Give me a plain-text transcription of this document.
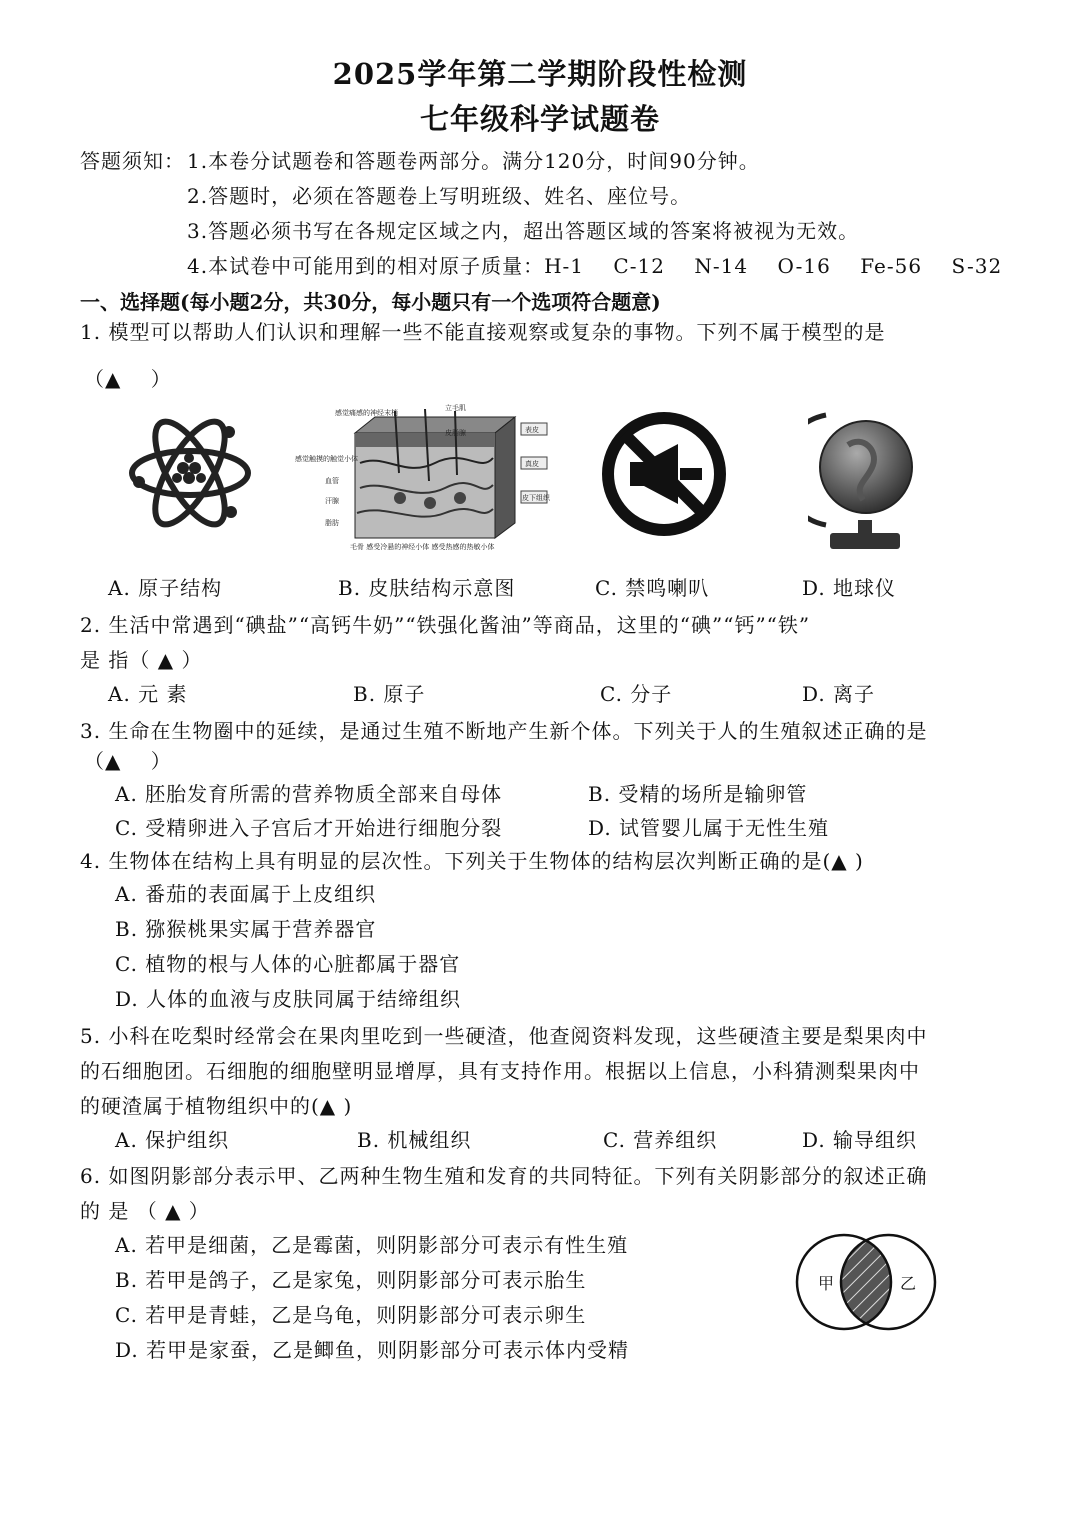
2025学年第二学期阶段性检测
七年级科学试题卷
答题须知： 1.本卷分试题卷和答题卷两部分。满分120分，时间90分钟。
2.答题时，必须在答题卷上写明班级、姓名、座位号。
3.答题必须书写在各规定区域之内，超出答题区域的答案将被视为无效。
4.本试卷中可能用到的相对原子质量：H-1    C-12    N-14    O-16    Fe-56    S-32
一、选择题(每小题2分，共30分，每小题只有一个选项符合题意)
1. 模型可以帮助人们认识和理解一些不能直接观察或复杂的事物。下列不属于模型的是
（▲    ）
感觉痛感的神经末梢
立毛肌
皮脂腺
感觉触摸的触觉小体
血管
汗腺
脂肪
表皮
真皮
皮下组织
毛骨 感受冷悬的神经小体 感受热感的热敏小体
A. 原子结构	B. 皮肤结构示意图	C. 禁鸣喇叭	D. 地球仪
2. 生活中常遇到“碘盐”“高钙牛奶”“铁强化酱油”等商品，这里的“碘”“钙”“铁”
是 指（ ▲ ）
A. 元 素	B. 原子	C. 分子	D. 离子
3. 生命在生物圈中的延续，是通过生殖不断地产生新个体。下列关于人的生殖叙述正确的是
（▲    ）
A. 胚胎发育所需的营养物质全部来自母体	B. 受精的场所是输卵管
C. 受精卵进入子宫后才开始进行细胞分裂	D. 试管婴儿属于无性生殖
4. 生物体在结构上具有明显的层次性。下列关于生物体的结构层次判断正确的是(▲ )
A. 番茄的表面属于上皮组织
B. 猕猴桃果实属于营养器官
C. 植物的根与人体的心脏都属于器官
D. 人体的血液与皮肤同属于结缔组织
5. 小科在吃梨时经常会在果肉里吃到一些硬渣，他查阅资料发现，这些硬渣主要是梨果肉中
的石细胞团。石细胞的细胞壁明显增厚，具有支持作用。根据以上信息，小科猜测梨果肉中
的硬渣属于植物组织中的(▲ )
A. 保护组织	B. 机械组织	C. 营养组织	D. 输导组织
6. 如图阴影部分表示甲、乙两种生物生殖和发育的共同特征。下列有关阴影部分的叙述正确
的 是 （ ▲ ）
A. 若甲是细菌，乙是霉菌，则阴影部分可表示有性生殖
B. 若甲是鸽子，乙是家兔，则阴影部分可表示胎生
C. 若甲是青蛙，乙是乌龟，则阴影部分可表示卵生
D. 若甲是家蚕，乙是鲫鱼，则阴影部分可表示体内受精
甲	乙
